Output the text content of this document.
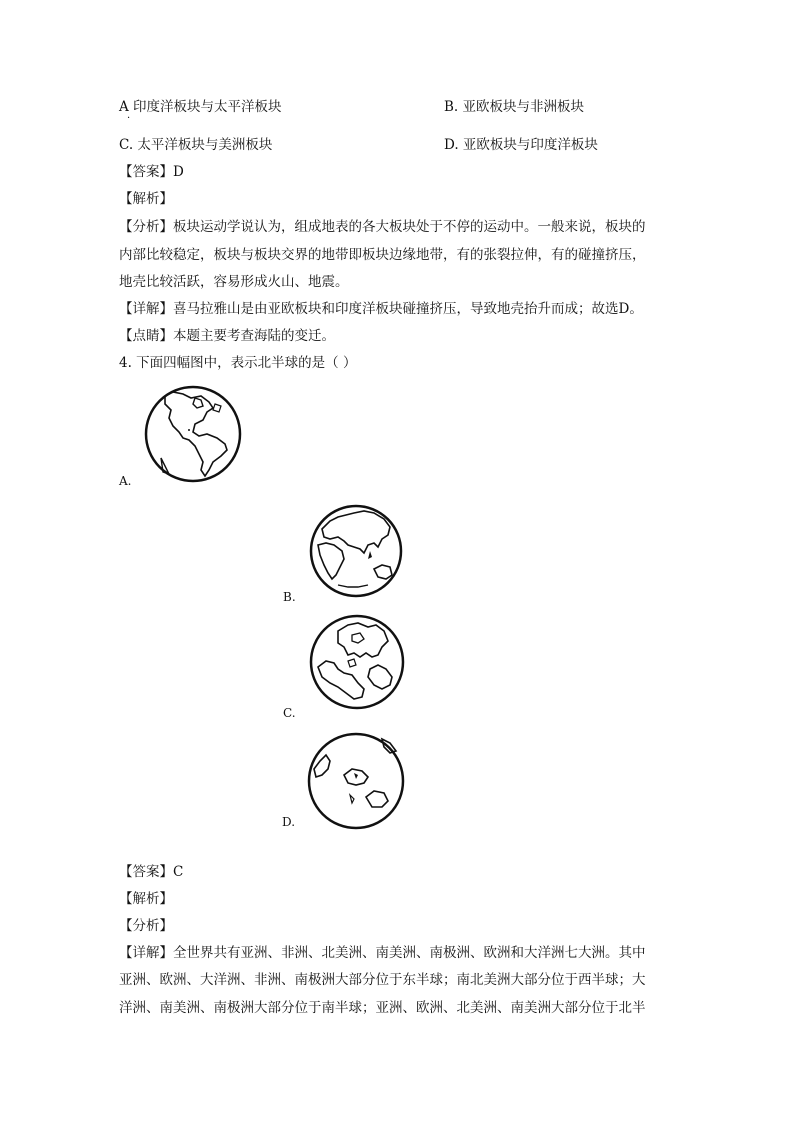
A 印度洋板块与太平洋板块
·
B. 亚欧板块与非洲板块
C. 太平洋板块与美洲板块	D. 亚欧板块与印度洋板块
【答案】D
【解析】
【分析】板块运动学说认为，组成地表的各大板块处于不停的运动中。一般来说，板块的
内部比较稳定，板块与板块交界的地带即板块边缘地带，有的张裂拉伸，有的碰撞挤压，
地壳比较活跃，容易形成火山、地震。
【详解】喜马拉雅山是由亚欧板块和印度洋板块碰撞挤压，导致地壳抬升而成；故选D。
【点睛】本题主要考查海陆的变迁。
4. 下面四幅图中，表示北半球的是（ ）
A.
B.
C.
D.
【答案】C
【解析】
【分析】
【详解】全世界共有亚洲、非洲、北美洲、南美洲、南极洲、欧洲和大洋洲七大洲。其中
亚洲、欧洲、大洋洲、非洲、南极洲大部分位于东半球；南北美洲大部分位于西半球；大
洋洲、南美洲、南极洲大部分位于南半球；亚洲、欧洲、北美洲、南美洲大部分位于北半
